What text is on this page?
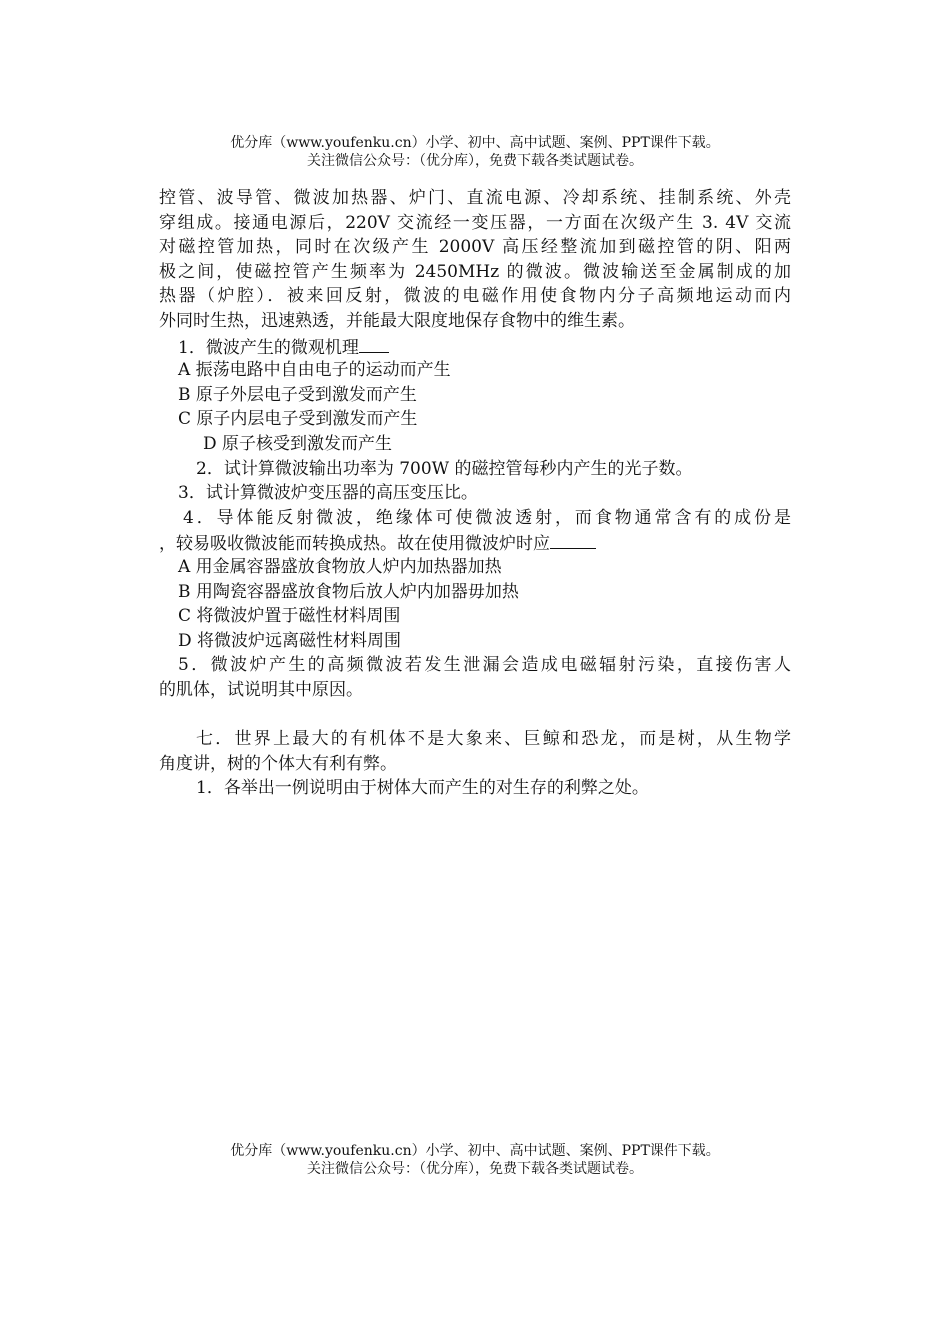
优分库（www.youfenku.cn）小学、初中、高中试题、案例、PPT课件下载。
关注微信公众号：（优分库），免费下载各类试题试卷。
控管、波导管、微波加热器、炉门、直流电源、冷却系统、挂制系统、外壳
穿组成。接通电源后，220V 交流经一变压器，一方面在次级产生 3. 4V 交流
对磁控管加热，同时在次级产生 2000V 高压经整流加到磁控管的阴、阳两
极之间，使磁控管产生频率为 2450MHz 的微波。微波输送至金属制成的加
热器（炉腔）．被来回反射，微波的电磁作用使食物内分子高频地运动而内
外同时生热，迅速熟透，并能最大限度地保存食物中的维生素。
1．微波产生的微观机理
A 振荡电路中自由电子的运动而产生
B 原子外层电子受到激发而产生
C 原子内层电子受到激发而产生
D 原子核受到激发而产生
2．试计算微波输出功率为 700W 的磁控管每秒内产生的光子数。
3．试计算微波炉变压器的高压变压比。
4．导体能反射微波，绝缘体可使微波透射，而食物通常含有的成份是
，较易吸收微波能而转换成热。故在使用微波炉时应
A 用金属容器盛放食物放人炉内加热器加热
B 用陶瓷容器盛放食物后放人炉内加器毋加热
C 将微波炉置于磁性材料周围
D 将微波炉远离磁性材料周围
5．微波炉产生的高频微波若发生泄漏会造成电磁辐射污染，直接伤害人
的肌体，试说明其中原因。
七．世界上最大的有机体不是大象来、巨鲸和恐龙，而是树，从生物学
角度讲，树的个体大有利有弊。
1．各举出一例说明由于树体大而产生的对生存的利弊之处。
优分库（www.youfenku.cn）小学、初中、高中试题、案例、PPT课件下载。
关注微信公众号：（优分库），免费下载各类试题试卷。
